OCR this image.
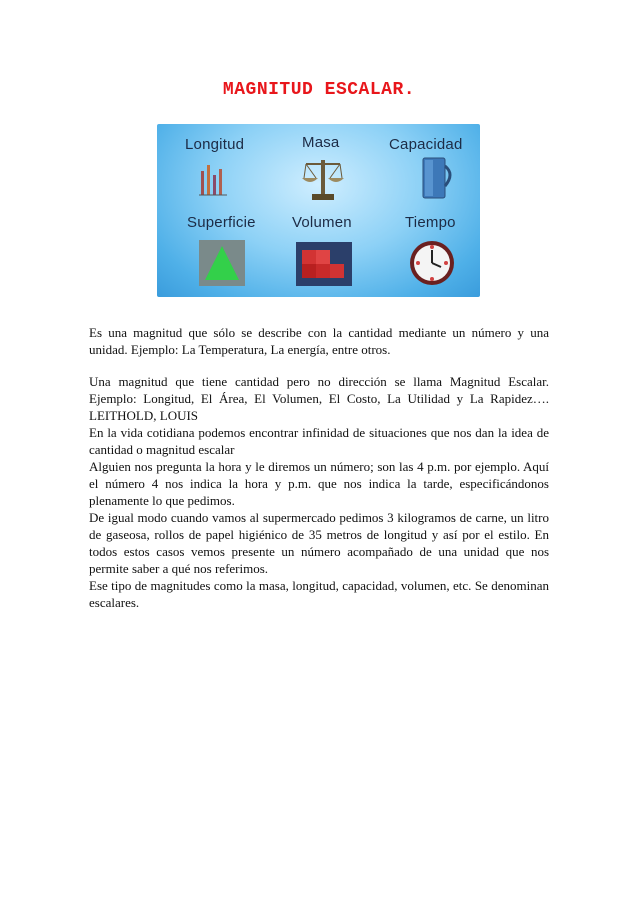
MAGNITUD ESCALAR.
Longitud	Masa	Capacidad
Superficie Volumen	Tiempo

Es una magnitud que sólo se describe con la cantidad mediante un número y una unidad. Ejemplo: La Temperatura, La energía, entre otros.

Una magnitud que tiene cantidad pero no dirección se llama Magnitud Escalar. Ejemplo: Longitud, El Área, El Volumen, El Costo, La Utilidad y La Rapidez…. LEITHOLD, LOUIS

En la vida cotidiana podemos encontrar infinidad de situaciones que nos dan la idea de cantidad o magnitud escalar

Alguien nos pregunta la hora y le diremos un número; son las 4 p.m. por ejemplo. Aquí el número 4 nos indica la hora y p.m. que nos indica la tarde, especificándonos plenamente lo que pedimos.

De igual modo cuando vamos al supermercado pedimos 3 kilogramos de carne, un litro de gaseosa, rollos de papel higiénico de 35 metros de longitud y así por el estilo. En todos estos casos vemos presente un número acompañado de una unidad que nos permite saber a qué nos referimos.

Ese tipo de magnitudes como la masa, longitud, capacidad, volumen, etc. Se denominan escalares.
